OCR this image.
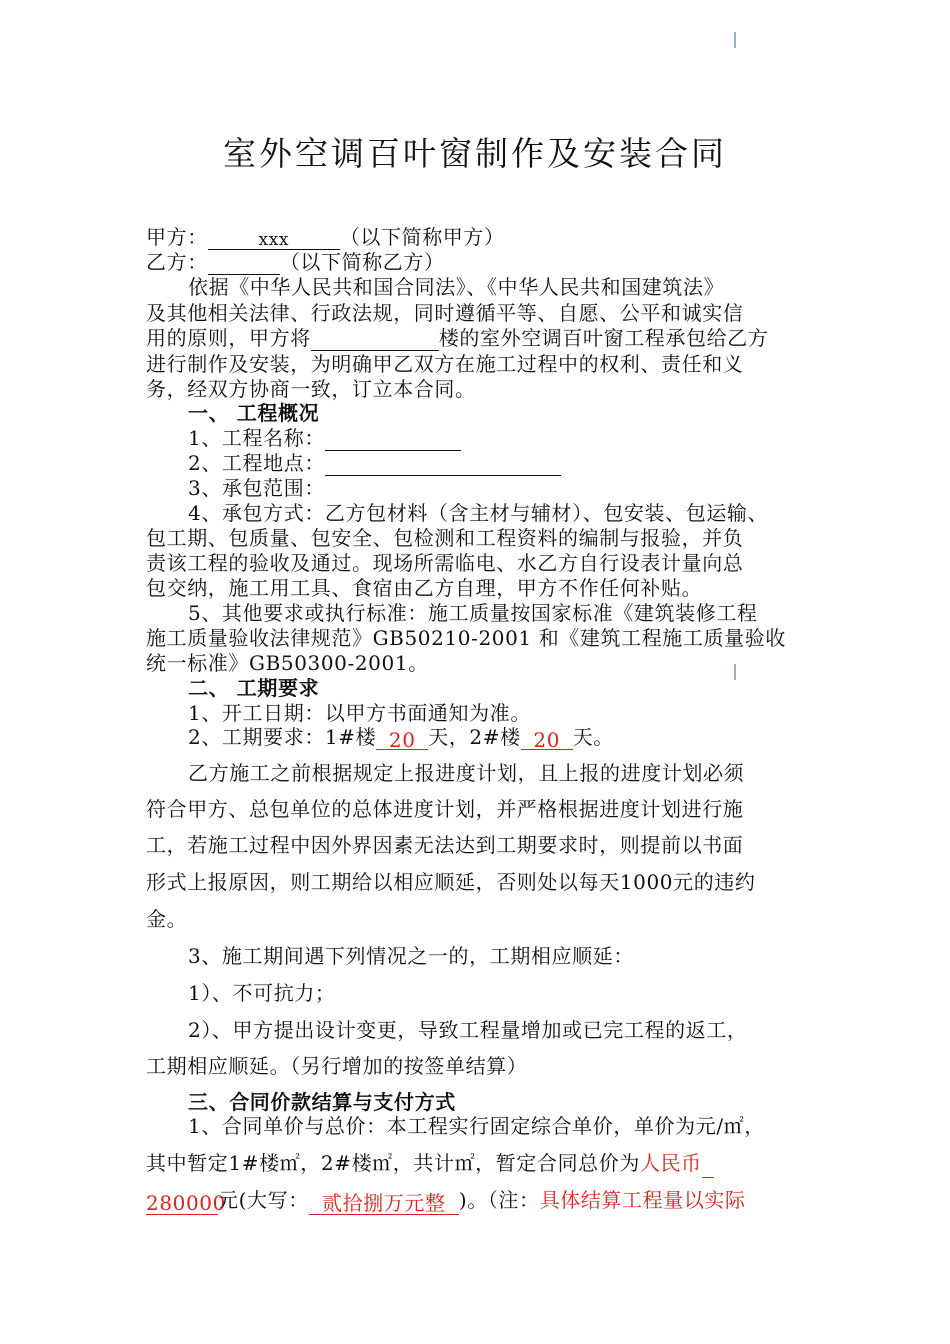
室外空调百叶窗制作及安装合同
甲方：	xxx	（以下简称甲方）
乙方：	（以下简称乙方）
依据《中华人民共和国合同法》、《中华人民共和国建筑法》
及其他相关法律、行政法规，同时遵循平等、自愿、公平和诚实信
用的原则，甲方将	楼的室外空调百叶窗工程承包给乙方
进行制作及安装，为明确甲乙双方在施工过程中的权利、责任和义
务，经双方协商一致，订立本合同。
一、 工程概况
1、工程名称：
2、工程地点：
3、承包范围：
4、承包方式：乙方包材料（含主材与辅材）、包安装、包运输、
包工期、包质量、包安全、包检测和工程资料的编制与报验，并负
责该工程的验收及通过。现场所需临电、水乙方自行设表计量向总
包交纳，施工用工具、食宿由乙方自理，甲方不作任何补贴。
5、其他要求或执行标准：施工质量按国家标准《建筑装修工程
施工质量验收法律规范》GB50210-2001 和《建筑工程施工质量验收
统一标准》GB50300-2001。
二、 工期要求
1、开工日期：以甲方书面通知为准。
2、工期要求：1#楼 20 天，2#楼 20 天。
乙方施工之前根据规定上报进度计划，且上报的进度计划必须
符合甲方、总包单位的总体进度计划，并严格根据进度计划进行施
工，若施工过程中因外界因素无法达到工期要求时，则提前以书面
形式上报原因，则工期给以相应顺延，否则处以每天1000元的违约
金。
3、施工期间遇下列情况之一的，工期相应顺延：
1）、不可抗力；
2）、甲方提出设计变更，导致工程量增加或已完工程的返工，
工期相应顺延。（另行增加的按签单结算）
三、合同价款结算与支付方式
1、合同单价与总价：本工程实行固定综合单价，单价为元/㎡，
其中暂定1#楼㎡，2#楼㎡，共计㎡，暂定合同总价为人民币
280000元(大写： 贰拾捌万元整 )。（注：具体结算工程量以实际
